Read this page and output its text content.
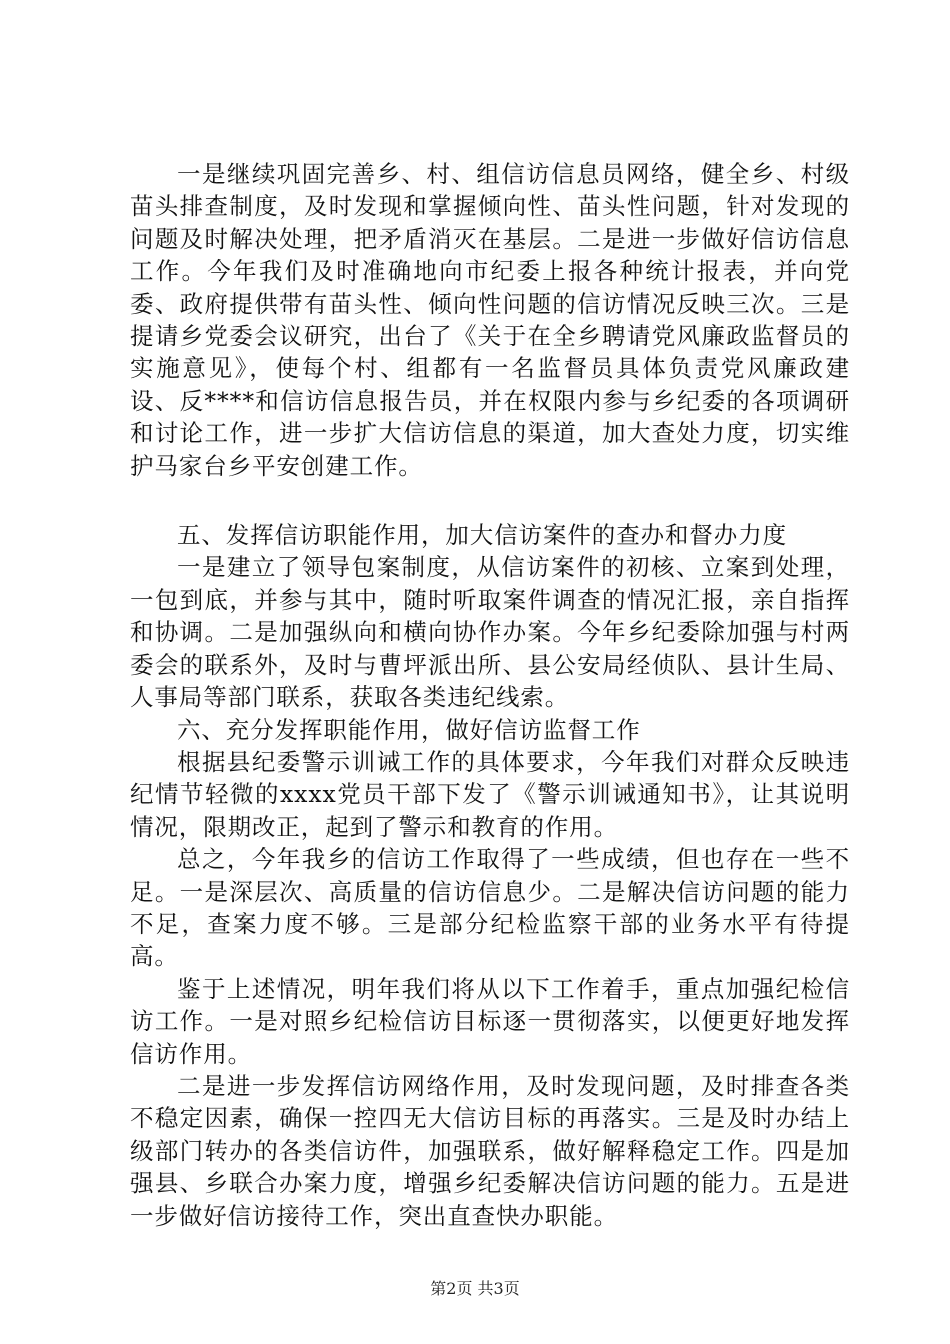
一是继续巩固完善乡、村、组信访信息员网络，健全乡、村级苗头排查制度，及时发现和掌握倾向性、苗头性问题，针对发现的问题及时解决处理，把矛盾消灭在基层。二是进一步做好信访信息工作。今年我们及时准确地向市纪委上报各种统计报表，并向党委、政府提供带有苗头性、倾向性问题的信访情况反映三次。三是提请乡党委会议研究，出台了《关于在全乡聘请党风廉政监督员的实施意见》，使每个村、组都有一名监督员具体负责党风廉政建设、反****和信访信息报告员，并在权限内参与乡纪委的各项调研和讨论工作，进一步扩大信访信息的渠道，加大查处力度，切实维护马家台乡平安创建工作。

五、发挥信访职能作用，加大信访案件的查办和督办力度

一是建立了领导包案制度，从信访案件的初核、立案到处理，一包到底，并参与其中，随时听取案件调查的情况汇报，亲自指挥和协调。二是加强纵向和横向协作办案。今年乡纪委除加强与村两委会的联系外，及时与曹坪派出所、县公安局经侦队、县计生局、人事局等部门联系，获取各类违纪线索。

六、充分发挥职能作用，做好信访监督工作

根据县纪委警示训诫工作的具体要求，今年我们对群众反映违纪情节轻微的xxxx党员干部下发了《警示训诫通知书》，让其说明情况，限期改正，起到了警示和教育的作用。

总之，今年我乡的信访工作取得了一些成绩，但也存在一些不足。一是深层次、高质量的信访信息少。二是解决信访问题的能力不足，查案力度不够。三是部分纪检监察干部的业务水平有待提高。

鉴于上述情况，明年我们将从以下工作着手，重点加强纪检信访工作。一是对照乡纪检信访目标逐一贯彻落实，以便更好地发挥信访作用。

二是进一步发挥信访网络作用，及时发现问题，及时排查各类不稳定因素，确保一控四无大信访目标的再落实。三是及时办结上级部门转办的各类信访件，加强联系，做好解释稳定工作。四是加强县、乡联合办案力度，增强乡纪委解决信访问题的能力。五是进一步做好信访接待工作，突出直查快办职能。

第2页 共3页
